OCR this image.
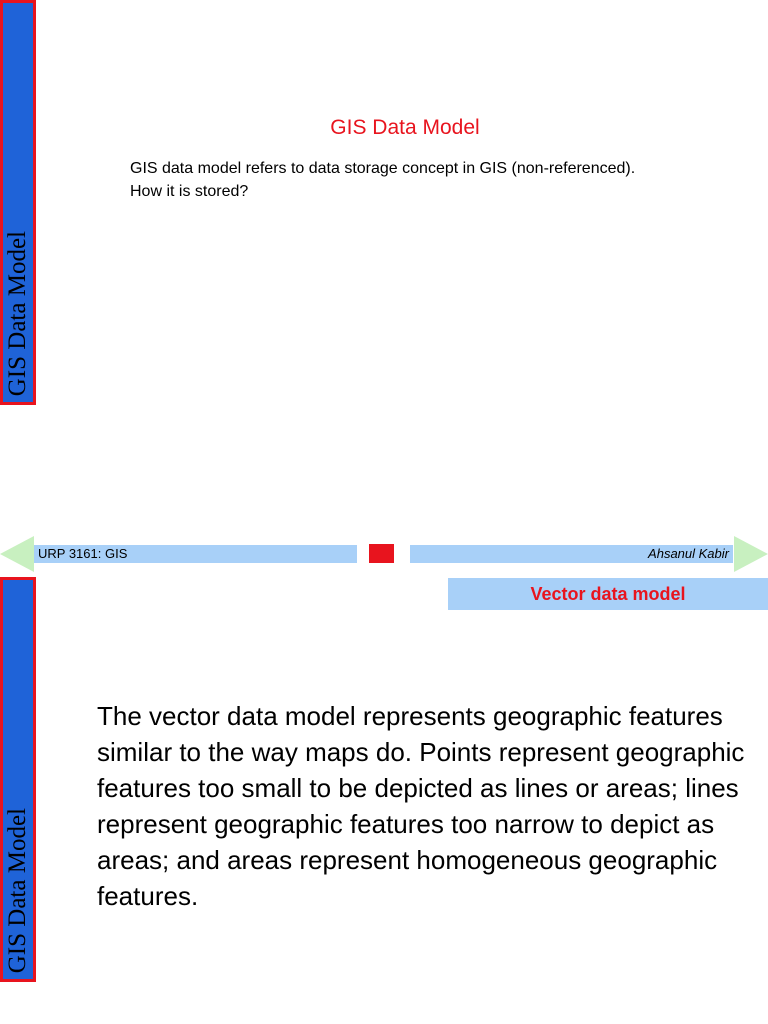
GIS Data Model
GIS Data Model
GIS data model refers to data storage concept in GIS (non-referenced). How it is stored?
URP 3161: GIS	Ahsanul Kabir
GIS Data Model
Vector data model
The vector data model represents geographic features similar to the way maps do. Points represent geographic features too small to be depicted as lines or areas; lines represent geographic features too narrow to depict as areas; and areas represent homogeneous geographic features.
